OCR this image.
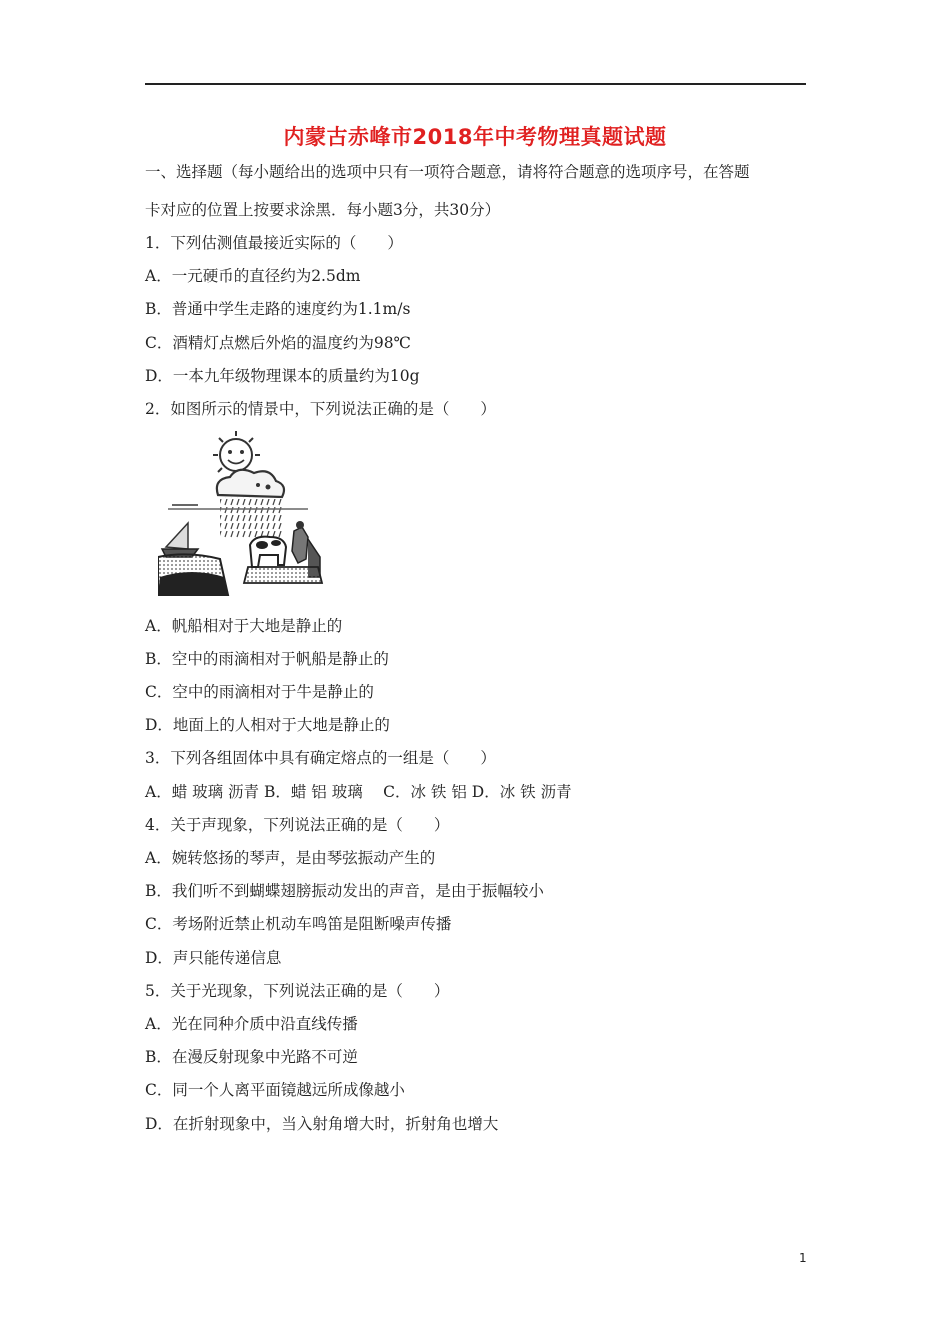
内蒙古赤峰市2018年中考物理真题试题
一、选择题（每小题给出的选项中只有一项符合题意，请将符合题意的选项序号，在答题
卡对应的位置上按要求涂黑．每小题3分，共30分）
1．下列估测值最接近实际的（　　）
A．一元硬币的直径约为2.5dm
B．普通中学生走路的速度约为1.1m/s
C．酒精灯点燃后外焰的温度约为98℃
D．一本九年级物理课本的质量约为10g
2．如图所示的情景中，下列说法正确的是（　　）
A．帆船相对于大地是静止的
B．空中的雨滴相对于帆船是静止的
C．空中的雨滴相对于牛是静止的
D．地面上的人相对于大地是静止的
3．下列各组固体中具有确定熔点的一组是（　　）
A．蜡 玻璃 沥青 B．蜡 铝 玻璃　 C．冰 铁 铝 D．冰 铁 沥青
4．关于声现象，下列说法正确的是（　　）
A．婉转悠扬的琴声，是由琴弦振动产生的
B．我们听不到蝴蝶翅膀振动发出的声音，是由于振幅较小
C．考场附近禁止机动车鸣笛是阻断噪声传播
D．声只能传递信息
5．关于光现象，下列说法正确的是（　　）
A．光在同种介质中沿直线传播
B．在漫反射现象中光路不可逆
C．同一个人离平面镜越远所成像越小
D．在折射现象中，当入射角增大时，折射角也增大
1
